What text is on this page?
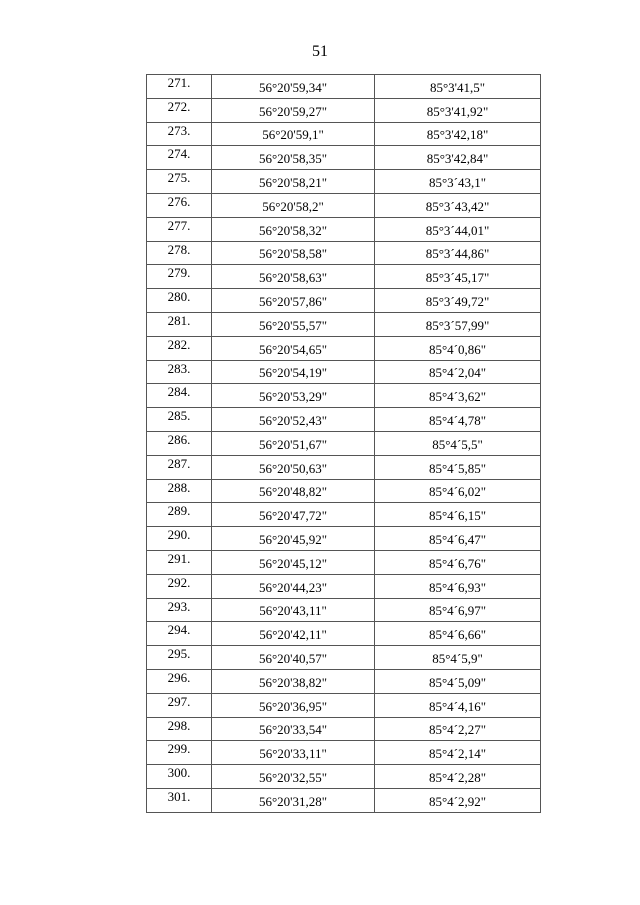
51
271.	56°20'59,34"	85°3'41,5"
272.	56°20'59,27"	85°3'41,92"
273.	56°20'59,1"	85°3'42,18"
274.	56°20'58,35"	85°3'42,84"
275.	56°20'58,21"	85°3´43,1"
276.	56°20'58,2"	85°3´43,42"
277.	56°20'58,32"	85°3´44,01"
278.	56°20'58,58"	85°3´44,86"
279.	56°20'58,63"	85°3´45,17"
280.	56°20'57,86"	85°3´49,72"
281.	56°20'55,57"	85°3´57,99"
282.	56°20'54,65"	85°4´0,86"
283.	56°20'54,19"	85°4´2,04"
284.	56°20'53,29"	85°4´3,62"
285.	56°20'52,43"	85°4´4,78"
286.	56°20'51,67"	85°4´5,5"
287.	56°20'50,63"	85°4´5,85"
288.	56°20'48,82"	85°4´6,02"
289.	56°20'47,72"	85°4´6,15"
290.	56°20'45,92"	85°4´6,47"
291.	56°20'45,12"	85°4´6,76"
292.	56°20'44,23"	85°4´6,93"
293.	56°20'43,11"	85°4´6,97"
294.	56°20'42,11"	85°4´6,66"
295.	56°20'40,57"	85°4´5,9"
296.	56°20'38,82"	85°4´5,09"
297.	56°20'36,95"	85°4´4,16"
298.	56°20'33,54"	85°4´2,27"
299.	56°20'33,11"	85°4´2,14"
300.	56°20'32,55"	85°4´2,28"
301.	56°20'31,28"	85°4´2,92"
